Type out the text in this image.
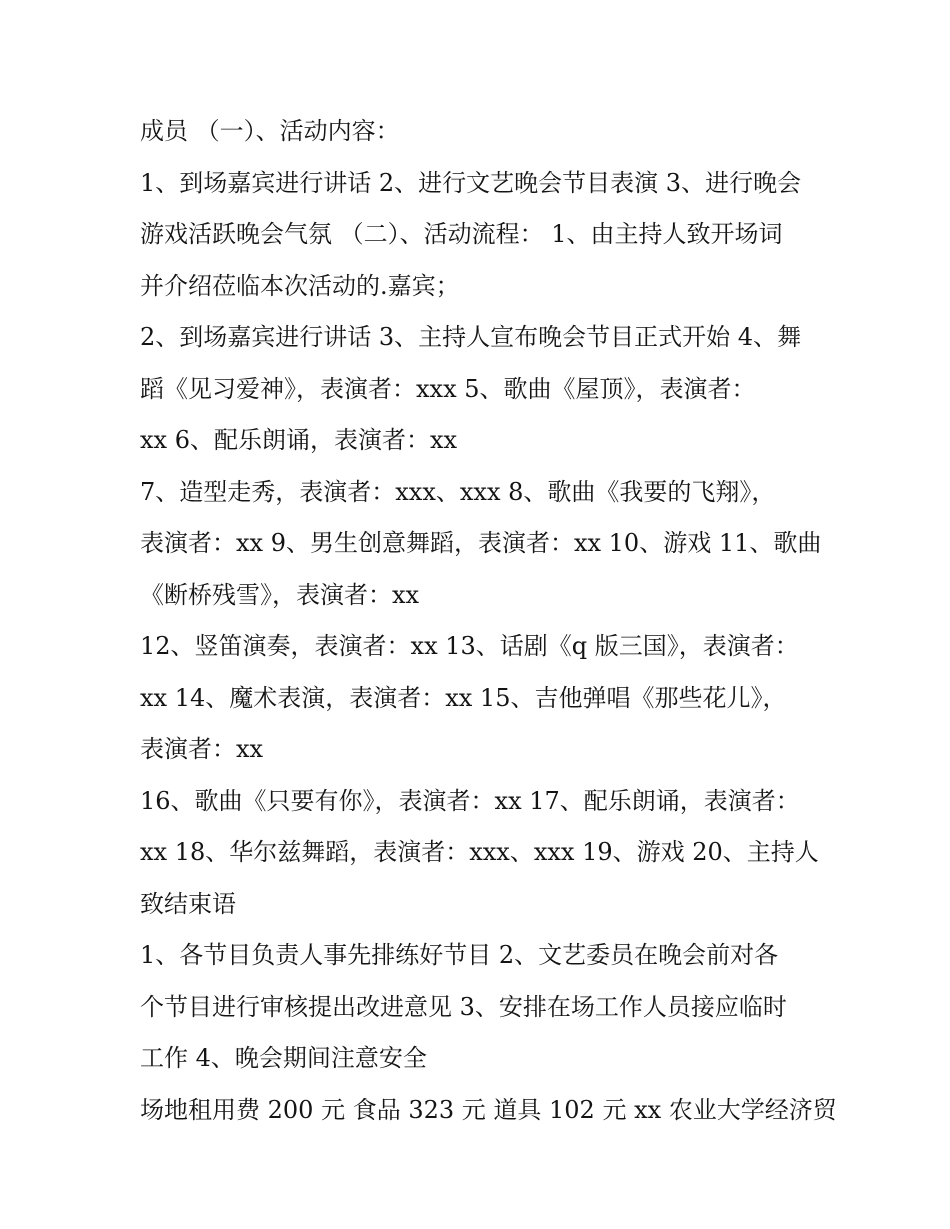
成员 （一）、活动内容：
1、到场嘉宾进行讲话 2、进行文艺晚会节目表演 3、进行晚会
游戏活跃晚会气氛 （二）、活动流程： 1、由主持人致开场词
并介绍莅临本次活动的.嘉宾；
2、到场嘉宾进行讲话 3、主持人宣布晚会节目正式开始 4、舞
蹈《见习爱神》，表演者：xxx 5、歌曲《屋顶》，表演者：
xx 6、配乐朗诵，表演者：xx
7、造型走秀，表演者：xxx、xxx 8、歌曲《我要的飞翔》，
表演者：xx 9、男生创意舞蹈，表演者：xx 10、游戏 11、歌曲
《断桥残雪》，表演者：xx
12、竖笛演奏，表演者：xx 13、话剧《q 版三国》，表演者：
xx 14、魔术表演，表演者：xx 15、吉他弹唱《那些花儿》，
表演者：xx
16、歌曲《只要有你》，表演者：xx 17、配乐朗诵，表演者：
xx 18、华尔兹舞蹈，表演者：xxx、xxx 19、游戏 20、主持人
致结束语
1、各节目负责人事先排练好节目 2、文艺委员在晚会前对各
个节目进行审核提出改进意见 3、安排在场工作人员接应临时
工作 4、晚会期间注意安全
场地租用费 200 元 食品 323 元 道具 102 元 xx 农业大学经济贸
